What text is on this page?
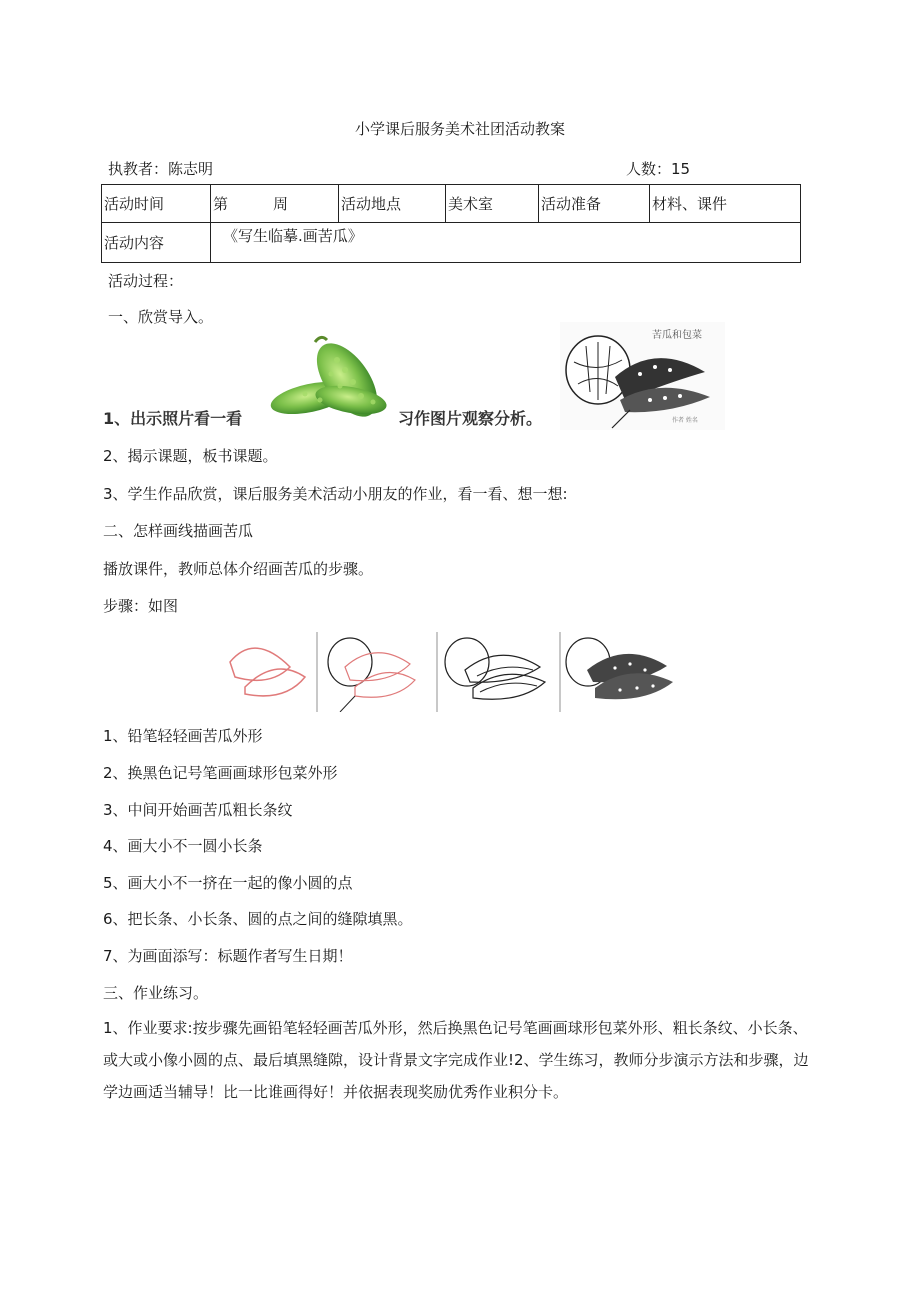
小学课后服务美术社团活动教案
执教者：陈志明	人数：15
活动时间	第　　　周	活动地点	美术室	活动准备	材料、课件
活动内容	《写生临摹.画苦瓜》				
活动过程：
一、欣赏导入。
苦瓜和包菜
作者 姓名
1、出示照片看一看	习作图片观察分析。
2、揭示课题，板书课题。
3、学生作品欣赏，课后服务美术活动小朋友的作业，看一看、想一想:
二、怎样画线描画苦瓜
播放课件，教师总体介绍画苦瓜的步骤。
步骤：如图
1、铅笔轻轻画苦瓜外形
2、换黑色记号笔画画球形包菜外形
3、中间开始画苦瓜粗长条纹
4、画大小不一圆小长条
5、画大小不一挤在一起的像小圆的点
6、把长条、小长条、圆的点之间的缝隙填黑。
7、为画面添写：标题作者写生日期！
三、作业练习。
1、作业要求:按步骤先画铅笔轻轻画苦瓜外形，然后换黑色记号笔画画球形包菜外形、粗长条纹、小长条、或大或小像小圆的点、最后填黑缝隙，设计背景文字完成作业!2、学生练习，教师分步演示方法和步骤，边学边画适当辅导！比一比谁画得好！并依据表现奖励优秀作业积分卡。
